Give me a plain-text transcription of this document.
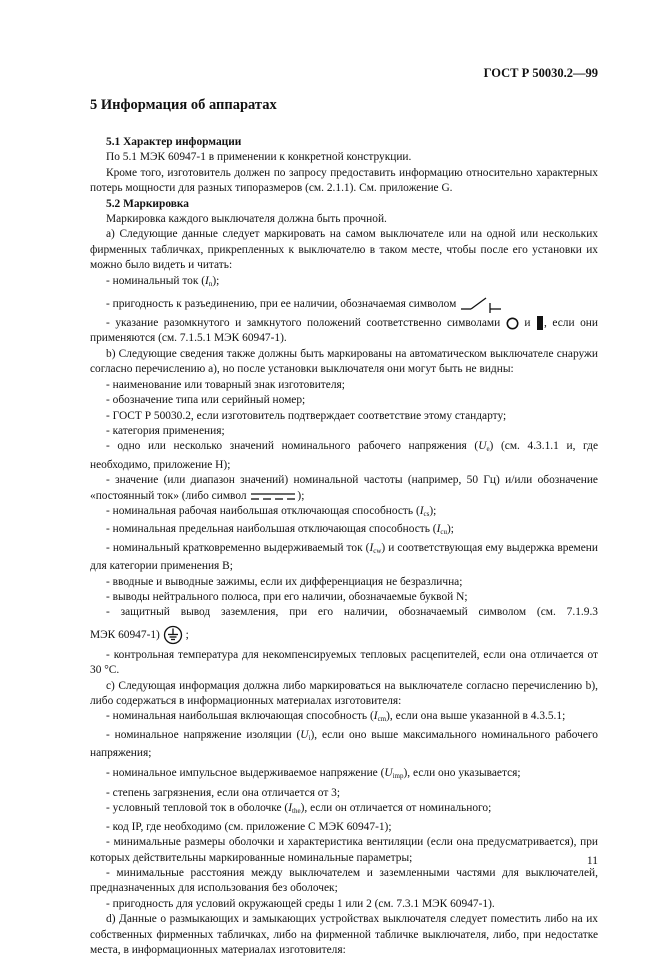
ГОСТ Р 50030.2—99
5 Информация об аппаратах

5.1 Характер информации

По 5.1 МЭК 60947-1 в применении к конкретной конструкции.

Кроме того, изготовитель должен по запросу предоставить информацию относительно характерных потерь мощности для разных типоразмеров (см. 2.1.1). См. приложение G.

5.2 Маркировка

Маркировка каждого выключателя должна быть прочной.

а) Следующие данные следует маркировать на самом выключателе или на одной или нескольких фирменных табличках, прикрепленных к выключателю в таком месте, чтобы после его установки их можно было видеть и читать:

- номинальный ток $(I_n)$;

- пригодность к разъединению, при ее наличии, обозначаемая символом

- указание разомкнутого и замкнутого положений соответственно символами и , если они применяются (см. 7.1.5.1 МЭК 60947-1).

b) Следующие сведения также должны быть маркированы на автоматическом выключателе снаружи согласно перечислению а), но после установки выключателя они могут быть не видны:

- наименование или товарный знак изготовителя;

- обозначение типа или серийный номер;

- ГОСТ Р 50030.2, если изготовитель подтверждает соответствие этому стандарту;

- категория применения;

- одно или несколько значений номинального рабочего напряжения $(U_e)$ (см. 4.3.1.1 и, где необходимо, приложение H);

- значение (или диапазон значений) номинальной частоты (например, 50 Гц) и/или обозначение «постоянный ток» (либо символ	);

- номинальная рабочая наибольшая отключающая способность $(I_{cs})$;

- номинальная предельная наибольшая отключающая способность $(I_{cu})$;

- номинальный кратковременно выдерживаемый ток $(I_{cw})$ и соответствующая ему выдержка времени для категории применения B;

- вводные и выводные зажимы, если их дифференциация не безразлична;

- выводы нейтрального полюса, при его наличии, обозначаемые буквой N;

- защитный вывод заземления, при его наличии, обозначаемый символом (см. 7.1.9.3

МЭК 60947-1) ;

- контрольная температура для некомпенсируемых тепловых расцепителей, если она отличается от 30 °С.

с) Следующая информация должна либо маркироваться на выключателе согласно перечислению b), либо содержаться в информационных материалах изготовителя:

- номинальная наибольшая включающая способность $(I_{cm})$, если она выше указанной в 4.3.5.1;

- номинальное напряжение изоляции $(U_i)$, если оно выше максимального номинального рабочего напряжения;

- номинальное импульсное выдерживаемое напряжение $(U_{imp})$, если оно указывается;

- степень загрязнения, если она отличается от 3;

- условный тепловой ток в оболочке $(I_{the})$, если он отличается от номинального;

- код IP, где необходимо (см. приложение С МЭК 60947-1);

- минимальные размеры оболочки и характеристика вентиляции (если она предусматривается), при которых действительны маркированные номинальные параметры;

- минимальные расстояния между выключателем и заземленными частями для выключателей, предназначенных для использования без оболочек;

- пригодность для условий окружающей среды 1 или 2 (см. 7.3.1 МЭК 60947-1).

d) Данные о размыкающих и замыкающих устройствах выключателя следует поместить либо на их собственных фирменных табличках, либо на фирменной табличке выключателя, либо, при недостатке места, в информационных материалах изготовителя:

11
